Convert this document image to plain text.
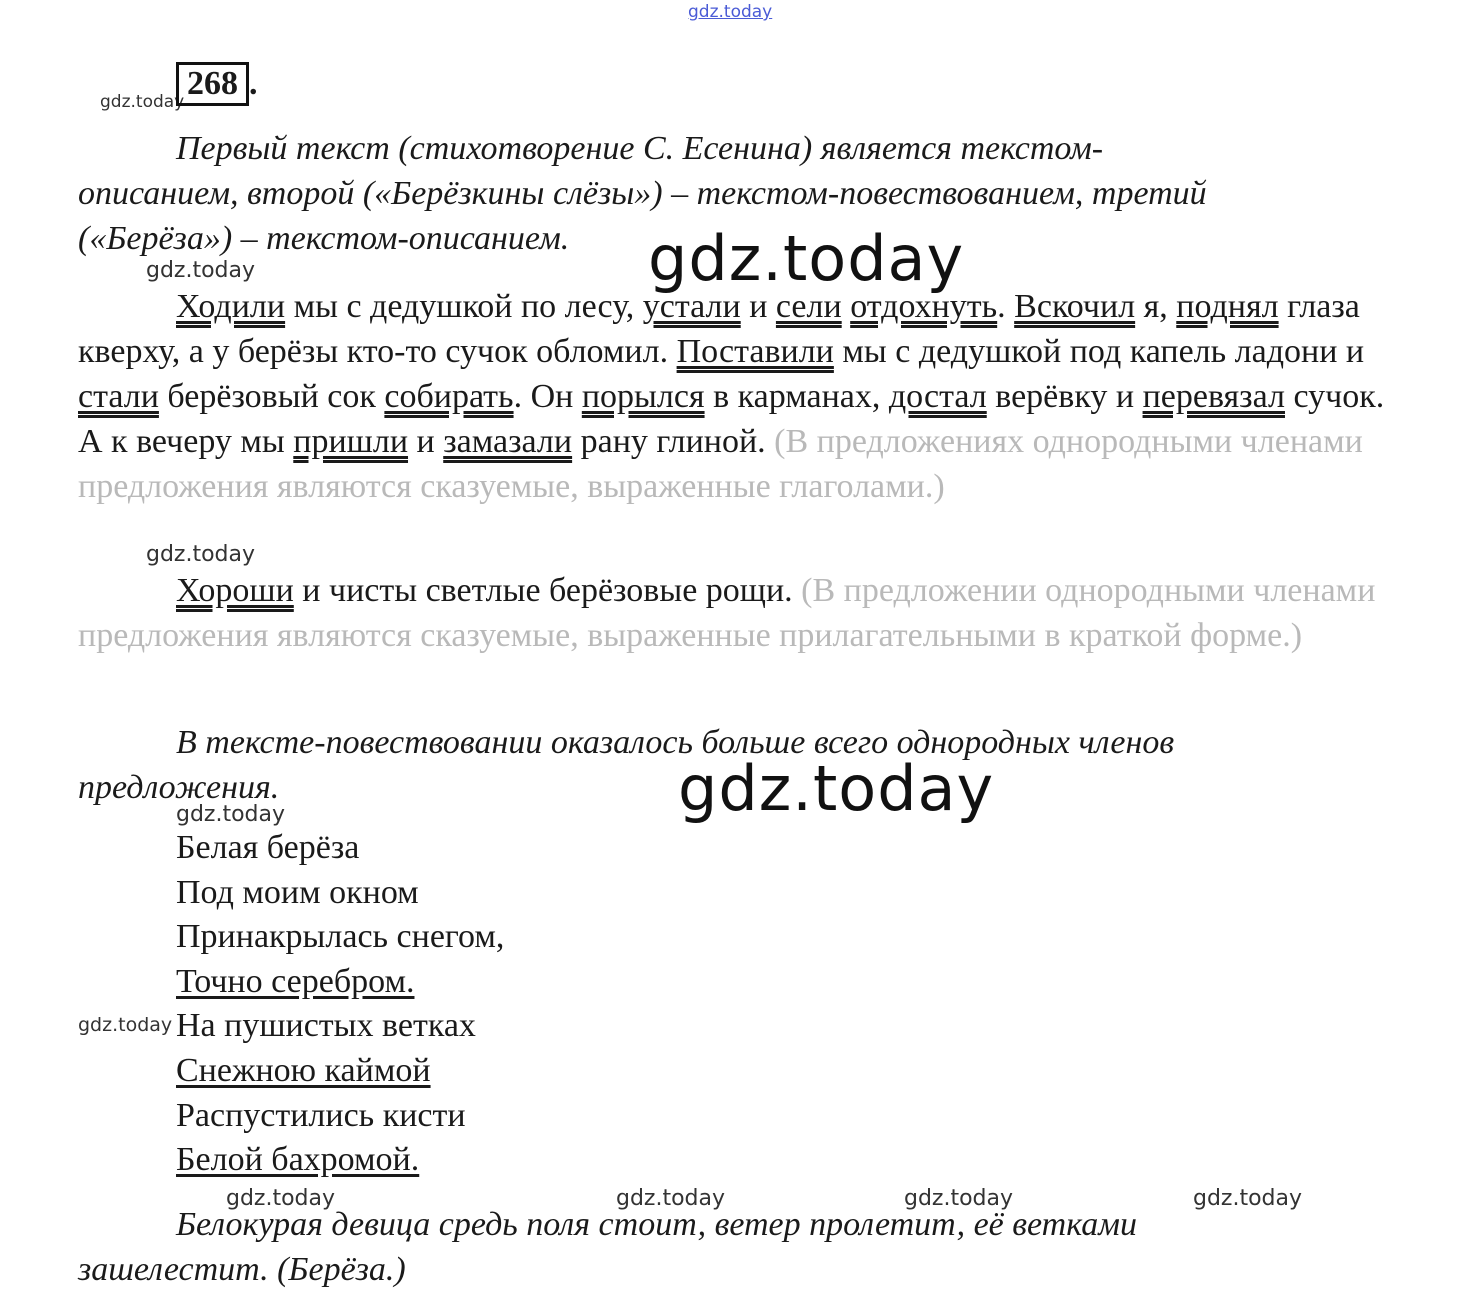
gdz.today
gdz.today
gdz.today
gdz.today
gdz.today
gdz.today
gdz.today	gdz.today	gdz.today	gdz.today
gdz.today
gdz.today
268 .
Первый текст (стихотворение С. Есенина) является текстом-
описанием, второй («Берёзкины слёзы») – текстом-повествованием, третий
(«Берёза») – текстом-описанием.
Ходили мы с дедушкой по лесу, устали и сели отдохнуть. Вскочил я, поднял глаза кверху, а у берёзы кто-то сучок обломил. Поставили мы с дедушкой под капель ладони и стали берёзовый сок собирать. Он порылся в карманах, достал верёвку и перевязал сучок. А к вечеру мы пришли и замазали рану глиной. (В предложениях однородными членами предложения являются сказуемые, выраженные глаголами.)
Хороши и чисты светлые берёзовые рощи. (В предложении однородными членами предложения являются сказуемые, выраженные прилагательными в краткой форме.)
В тексте-повествовании оказалось больше всего однородных членов предложения.
Белая берёза
Под моим окном
Принакрылась снегом,
Точно серебром.
На пушистых ветках
Снежною каймой
Распустились кисти
Белой бахромой.
Белокурая девица средь поля стоит, ветер пролетит, её ветками зашелестит. (Берёза.)
